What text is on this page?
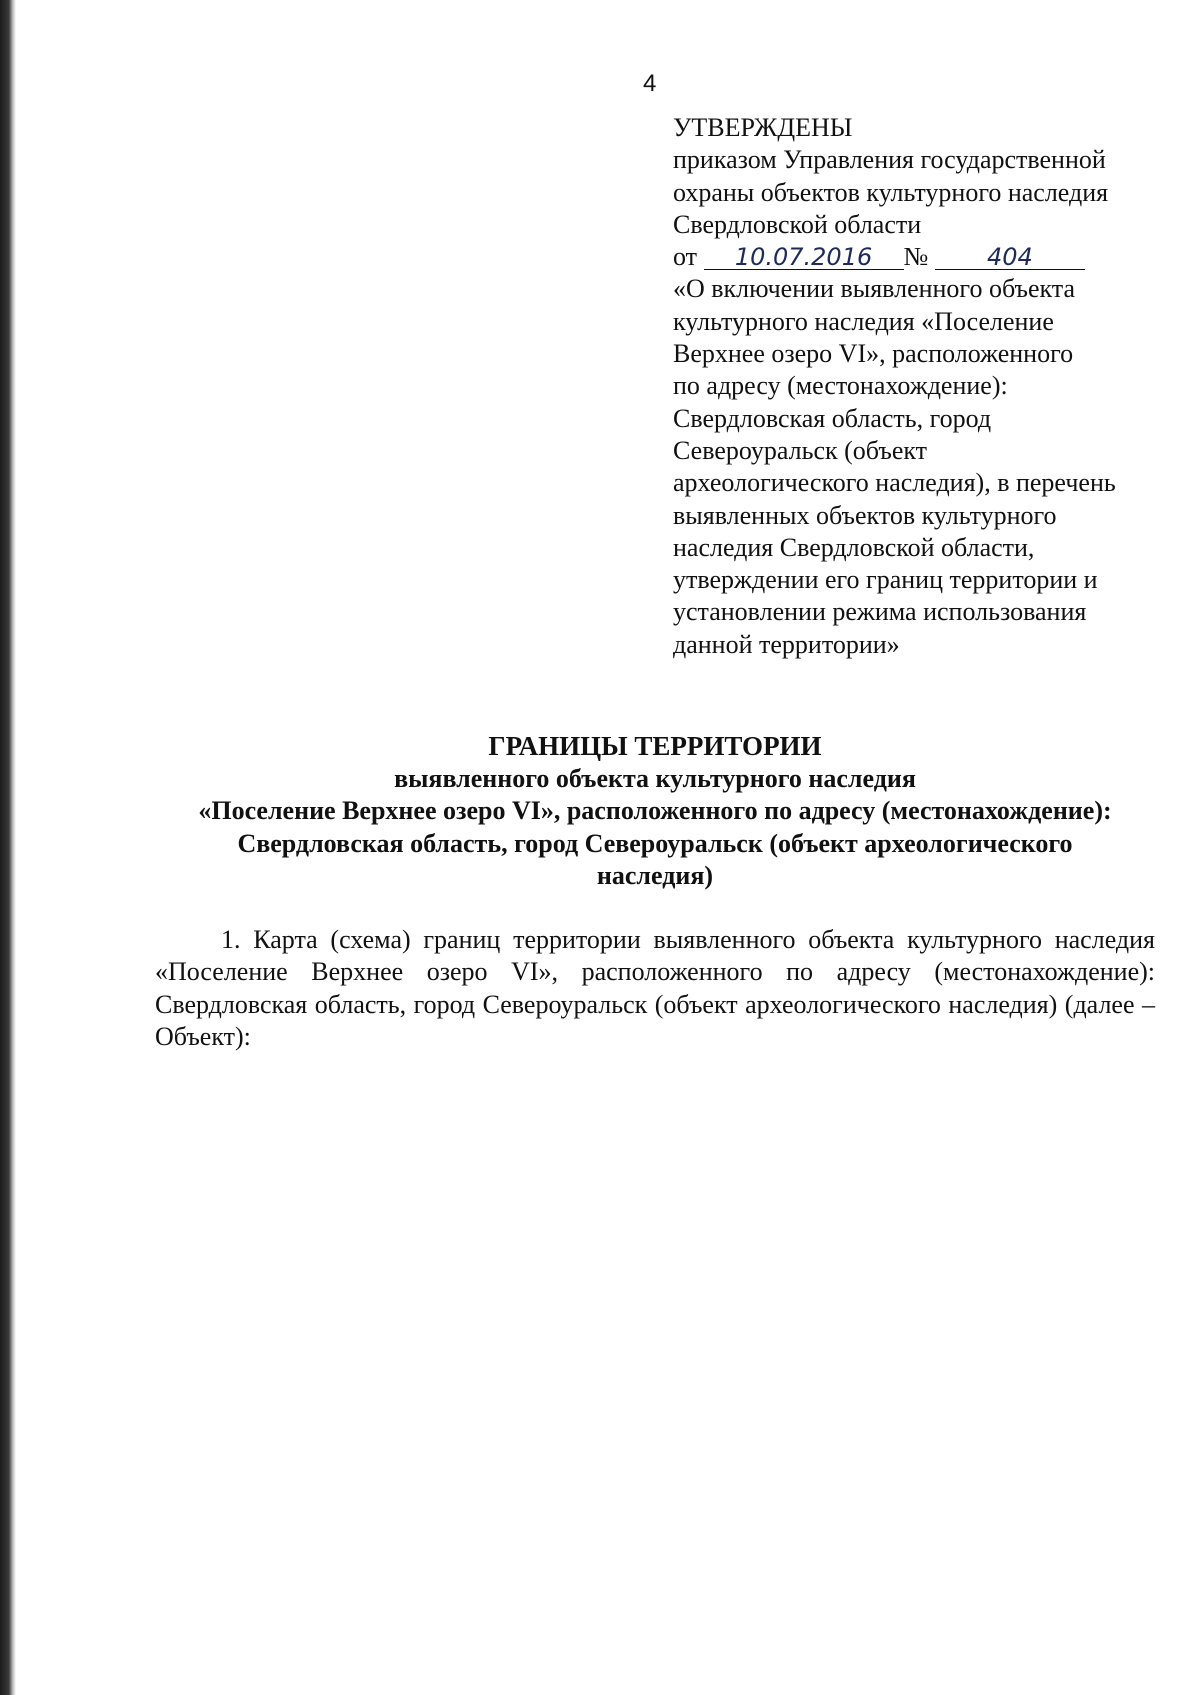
4
УТВЕРЖДЕНЫ
приказом Управления государственной
охраны объектов культурного наследия
Свердловской области
от 10.07.2016 № 404
«О включении выявленного объекта
культурного наследия «Поселение
Верхнее озеро VI», расположенного
по адресу (местонахождение):
Свердловская область, город
Североуральск (объект
археологического наследия), в перечень
выявленных объектов культурного
наследия Свердловской области,
утверждении его границ территории и
установлении режима использования
данной территории»
ГРАНИЦЫ ТЕРРИТОРИИ
выявленного объекта культурного наследия
«Поселение Верхнее озеро VI», расположенного по адресу (местонахождение):
Свердловская область, город Североуральск (объект археологического
наследия)
1. Карта (схема) границ территории выявленного объекта культурного наследия «Поселение Верхнее озеро VI», расположенного по адресу (местонахождение): Свердловская область, город Североуральск (объект археологического наследия) (далее – Объект):
